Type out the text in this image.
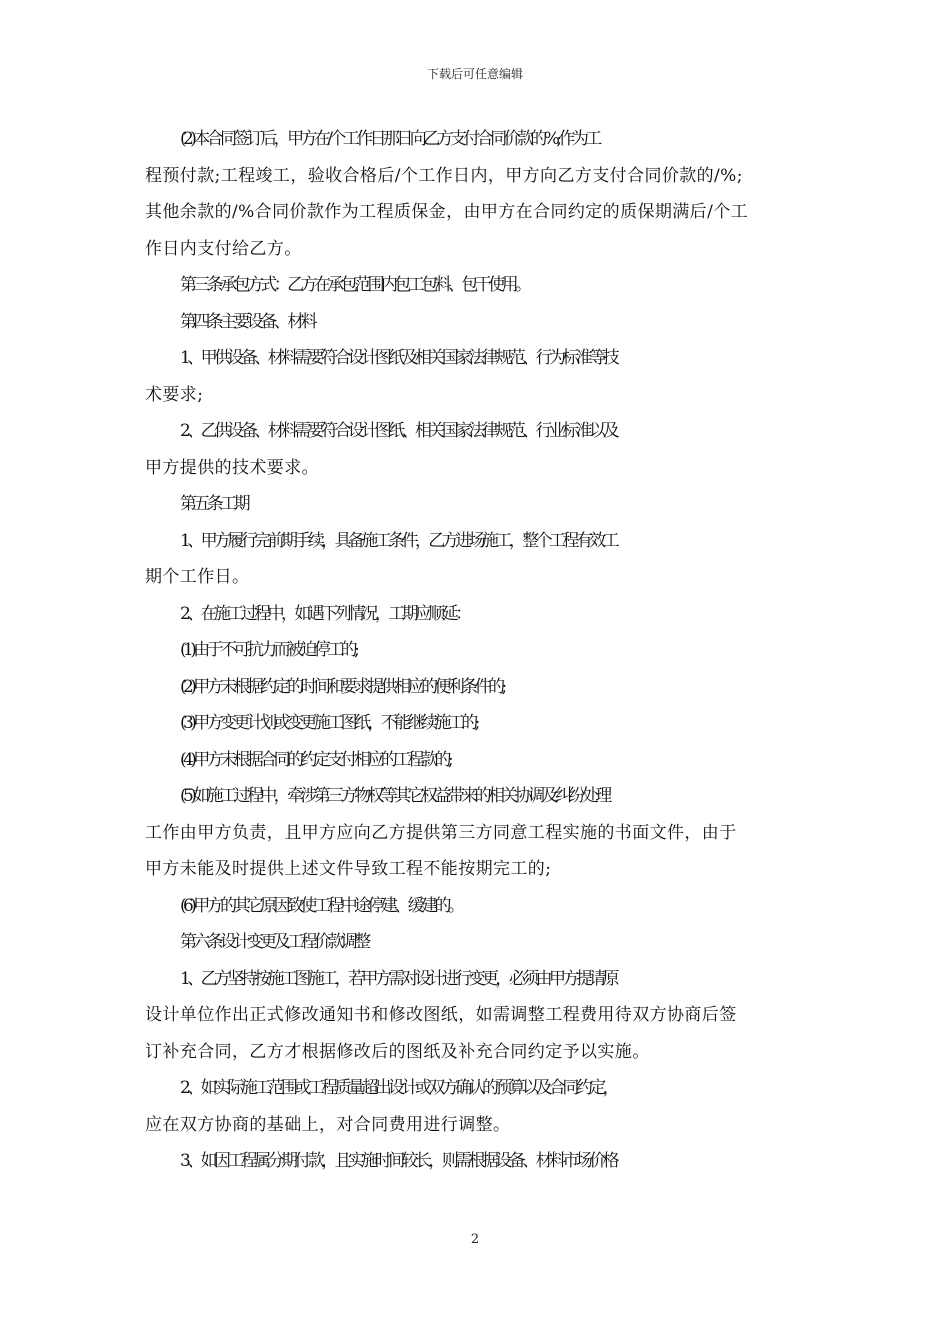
下载后可任意编辑

(2)本合同签订后，甲方在/个工作日那日向乙方支付合同价款的%;作为工
程预付款;工程竣工，验收合格后/个工作日内，甲方向乙方支付合同价款的/%;
其他余款的/%合同价款作为工程质保金，由甲方在合同约定的质保期满后/个工
作日内支付给乙方。

第三条承包方式：乙方在承包范围内包工包料、包干使用。

第四条主要设备、材料

1、甲供设备、材料需要符合设计图纸及相关国家法律规范、行为标准等技
术要求;

2、乙供设备、材料需要符合设计图纸、相关国家法律规范、行业标准以及
甲方提供的技术要求。

第五条工期

1、甲方履行完前期手续，具备施工条件，乙方进场施工，整个工程有效工
期个工作日。

2、在施工过程中，如遇下列情况，工期应顺延：

(1)由于不可抗力而被迫停工的;

(2)甲方未根据约定的时间和要求提供相应的便利条件的;

(3)甲方变更计划或变更施工图纸，不能继续施工的;

(4)甲方未根据合同的约定支付相应的工程款的;

(5)如施工过程中，牵涉第三方物权等其它权益带来的相关协调及纠纷处理
工作由甲方负责，且甲方应向乙方提供第三方同意工程实施的书面文件，由于
甲方未能及时提供上述文件导致工程不能按期完工的;

(6)甲方的其它原因致使工程中途停建、缓建的。

第六条设计变更及工程价款调整

1、乙方坚持按施工图施工，若甲方需对设计进行变更，必须由甲方提请原
设计单位作出正式修改通知书和修改图纸，如需调整工程费用待双方协商后签
订补充合同，乙方才根据修改后的图纸及补充合同约定予以实施。

2、如实际施工范围或工程质量超出设计或双方确认的预算以及合同约定，
应在双方协商的基础上，对合同费用进行调整。

3、如因工程属分期付款，且实施时间较长，则需根据设备、材料市场价格

2
